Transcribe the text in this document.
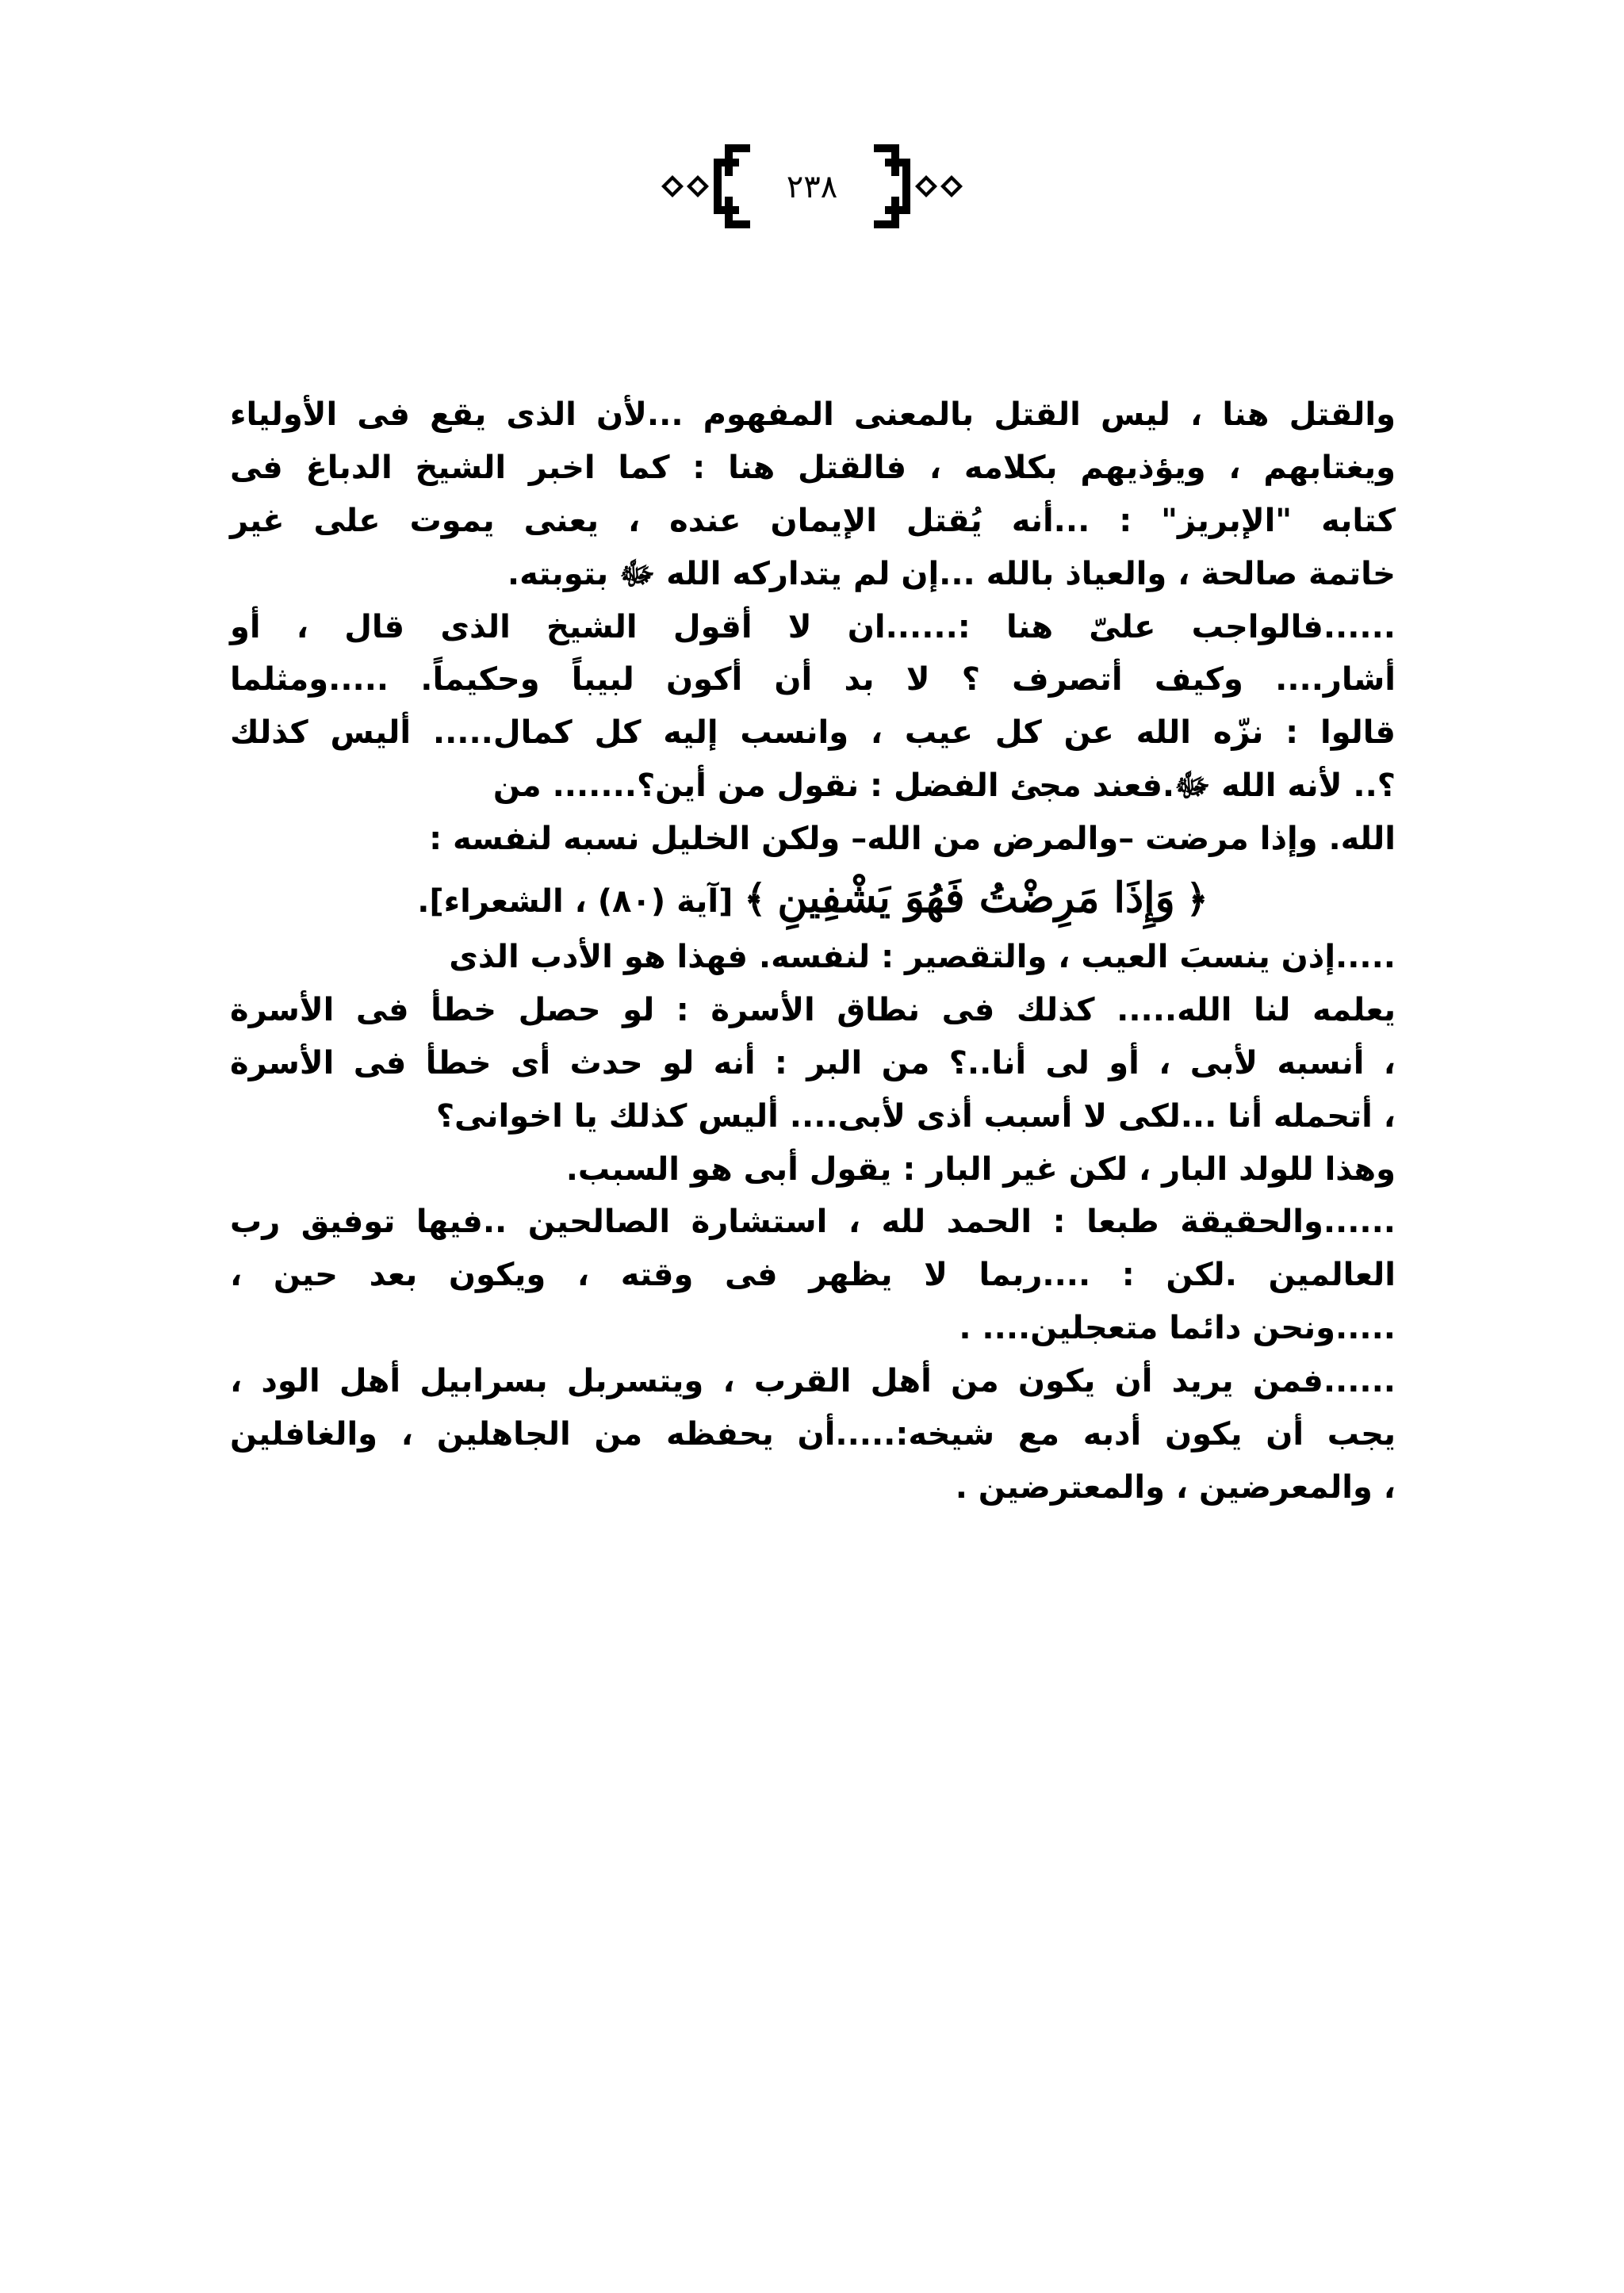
٢٣٨
والقتل هنا ، ليس القتل بالمعنى المفهوم ...لأن الذى يقع فى الأولياء
ويغتابهم ، ويؤذيهم بكلامه ، فالقتل هنا : كما اخبر الشيخ الدباغ فى
كتابه "الإبريز" : ...أنه يُقتل الإيمان عنده ، يعنى يموت على غير
خاتمة صالحة ، والعياذ بالله ...إن لم يتداركه الله ﷻ بتوبته.
......فالواجب علىّ هنا :......ان لا أقول الشيخ الذى قال ، أو
أشار.... وكيف أتصرف ؟ لا بد أن أكون لبيباً وحكيماً. .....ومثلما
قالوا : نزّه الله عن كل عيب ، وانسب إليه كل كمال..... أليس كذلك
؟.. لأنه الله ﷻ.فعند مجئ الفضل : نقول من أين؟....... من
الله. وإذا مرضت –والمرض من الله– ولكن الخليل نسبه لنفسه :
﴿ وَإِذَا مَرِضْتُ فَهُوَ يَشْفِينِ ﴾ [آية (٨٠) ، الشعراء].
.....إذن ينسبَ العيب ، والتقصير : لنفسه. فهذا هو الأدب الذى
يعلمه لنا الله..... كذلك فى نطاق الأسرة : لو حصل خطأ فى الأسرة
، أنسبه لأبى ، أو لى أنا..؟ من البر : أنه لو حدث أى خطأ فى الأسرة
، أتحمله أنا ...لكى لا أسبب أذى لأبى.... أليس كذلك يا اخوانى؟
وهذا للولد البار ، لكن غير البار : يقول أبى هو السبب.
......والحقيقة طبعا : الحمد لله ، استشارة الصالحين ..فيها توفيق رب
العالمين .لكن : ....ربما لا يظهر فى وقته ، ويكون بعد حين ،
.....ونحن دائما متعجلين.... .
......فمن يريد أن يكون من أهل القرب ، ويتسربل بسرابيل أهل الود ،
يجب أن يكون أدبه مع شيخه:.....أن يحفظه من الجاهلين ، والغافلين
، والمعرضين ، والمعترضين .
